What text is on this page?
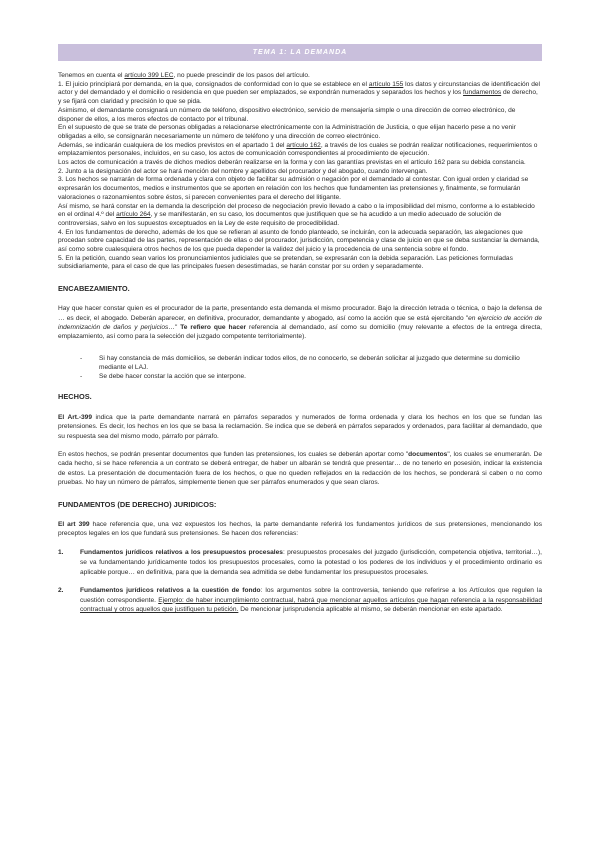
TEMA 1: LA DEMANDA

Tenemos en cuenta el artículo 399 LEC, no puede prescindir de los pasos del artículo.

1. El juicio principiará por demanda, en la que, consignados de conformidad con lo que se establece en el artículo 155 los datos y circunstancias de identificación del actor y del demandado y el domicilio o residencia en que pueden ser emplazados, se expondrán numerados y separados los hechos y los fundamentos de derecho, y se fijará con claridad y precisión lo que se pida.

Asimismo, el demandante consignará un número de teléfono, dispositivo electrónico, servicio de mensajería simple o una dirección de correo electrónico, de disponer de ellos, a los meros efectos de contacto por el tribunal.

En el supuesto de que se trate de personas obligadas a relacionarse electrónicamente con la Administración de Justicia, o que elijan hacerlo pese a no venir obligadas a ello, se consignarán necesariamente un número de teléfono y una dirección de correo electrónico.

Además, se indicarán cualquiera de los medios previstos en el apartado 1 del artículo 162, a través de los cuales se podrán realizar notificaciones, requerimientos o emplazamientos personales, incluidos, en su caso, los actos de comunicación correspondientes al procedimiento de ejecución.

Los actos de comunicación a través de dichos medios deberán realizarse en la forma y con las garantías previstas en el artículo 162 para su debida constancia.

2. Junto a la designación del actor se hará mención del nombre y apellidos del procurador y del abogado, cuando intervengan.

3. Los hechos se narrarán de forma ordenada y clara con objeto de facilitar su admisión o negación por el demandado al contestar. Con igual orden y claridad se expresarán los documentos, medios e instrumentos que se aporten en relación con los hechos que fundamenten las pretensiones y, finalmente, se formularán valoraciones o razonamientos sobre éstos, si parecen convenientes para el derecho del litigante.

Así mismo, se hará constar en la demanda la descripción del proceso de negociación previo llevado a cabo o la imposibilidad del mismo, conforme a lo establecido en el ordinal 4.º del artículo 264, y se manifestarán, en su caso, los documentos que justifiquen que se ha acudido a un medio adecuado de solución de controversias, salvo en los supuestos exceptuados en la Ley de este requisito de procedibilidad.

4. En los fundamentos de derecho, además de los que se refieran al asunto de fondo planteado, se incluirán, con la adecuada separación, las alegaciones que procedan sobre capacidad de las partes, representación de ellas o del procurador, jurisdicción, competencia y clase de juicio en que se deba sustanciar la demanda, así como sobre cualesquiera otros hechos de los que pueda depender la validez del juicio y la procedencia de una sentencia sobre el fondo.

5. En la petición, cuando sean varios los pronunciamientos judiciales que se pretendan, se expresarán con la debida separación. Las peticiones formuladas subsidiariamente, para el caso de que las principales fuesen desestimadas, se harán constar por su orden y separadamente.

ENCABEZAMIENTO.

Hay que hacer constar quien es el procurador de la parte, presentando esta demanda el mismo procurador. Bajo la dirección letrada o técnica, o bajo la defensa de … es decir, el abogado. Deberán aparecer, en definitiva, procurador, demandante y abogado, así como la acción que se está ejercitando "en ejercicio de acción de indemnización de daños y perjuicios…" Te refiero que hacer referencia al demandado, así como su domicilio (muy relevante a efectos de la entrega directa, emplazamiento, así como para la selección del juzgado competente territorialmente).

-	Si hay constancia de más domicilios, se deberán indicar todos ellos, de no conocerlo, se deberán solicitar al juzgado que determine su domicilio mediante el LAJ.
-	Se debe hacer constar la acción que se interpone.
HECHOS.

El Art.-399 indica que la parte demandante narrará en párrafos separados y numerados de forma ordenada y clara los hechos en los que se fundan las pretensiones. Es decir, los hechos en los que se basa la reclamación. Se indica que se deberá en párrafos separados y ordenados, para facilitar al demandado, que su respuesta sea del mismo modo, párrafo por párrafo.

En estos hechos, se podrán presentar documentos que funden las pretensiones, los cuales se deberán aportar como "documentos", los cuales se enumerarán. De cada hecho, si se hace referencia a un contrato se deberá entregar, de haber un albarán se tendrá que presentar… de no tenerlo en posesión, indicar la existencia de estos. La presentación de documentación fuera de los hechos, o que no queden reflejados en la redacción de los hechos, se ponderará si caben o no como pruebas. No hay un número de párrafos, simplemente tienen que ser párrafos enumerados y que sean claros.

FUNDAMENTOS (DE DERECHO) JURIDICOS:

El art 399 hace referencia que, una vez expuestos los hechos, la parte demandante referirá los fundamentos jurídicos de sus pretensiones, mencionando los preceptos legales en los que fundará sus pretensiones. Se hacen dos referencias:

1.	Fundamentos jurídicos relativos a los presupuestos procesales: presupuestos procesales del juzgado (jurisdicción, competencia objetiva, territorial…), se va fundamentando jurídicamente todos los presupuestos procesales, como la potestad o los poderes de los individuos y el procedimiento ordinario es aplicable porque… en definitiva, para que la demanda sea admitida se debe fundamentar los presupuestos procesales.
2.	Fundamentos jurídicos relativos a la cuestión de fondo: los argumentos sobre la controversia, teniendo que referirse a los Artículos que regulen la cuestión correspondiente. Ejemplo: de haber incumplimiento contractual, habrá que mencionar aquellos artículos que hagan referencia a la responsabilidad contractual y otros aquellos que justifiquen tu petición. De mencionar jurisprudencia aplicable al mismo, se deberán mencionar en este apartado.
